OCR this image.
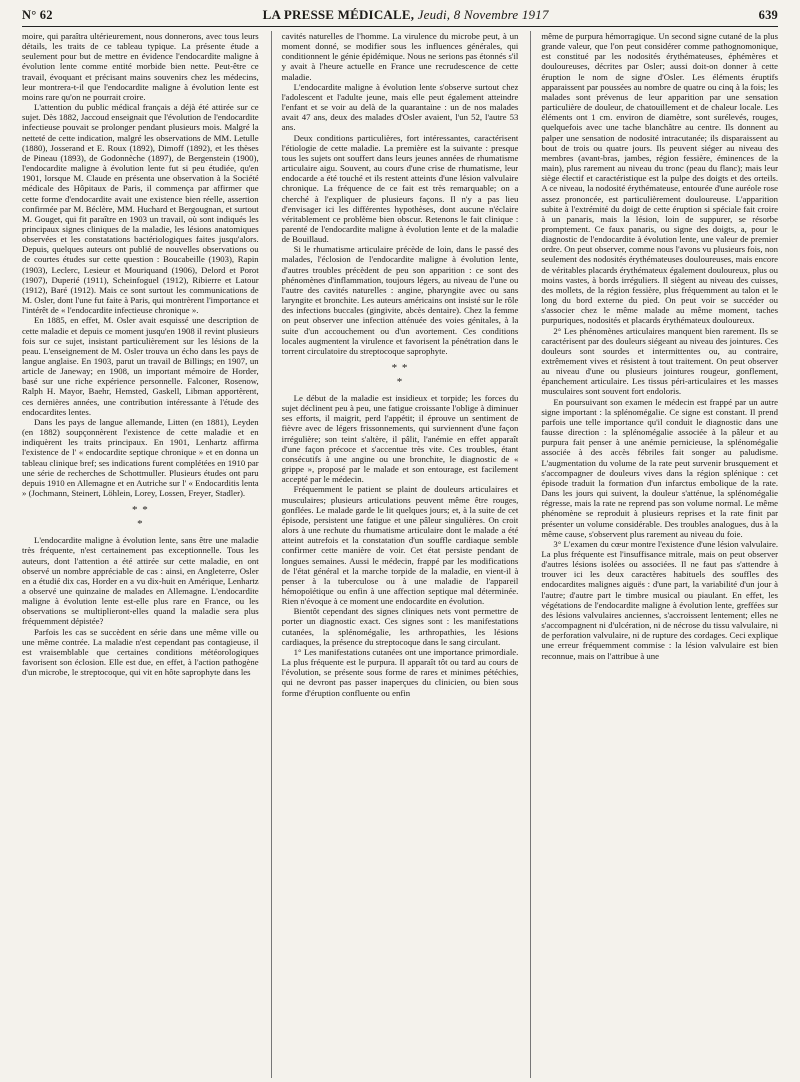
N° 62	LA PRESSE MÉDICALE, Jeudi, 8 Novembre 1917	639

moire, qui paraîtra ultérieurement, nous donnerons, avec tous leurs détails, les traits de ce tableau typique. La présente étude a seulement pour but de mettre en évidence l'endocardite maligne à évolution lente comme entité morbide bien nette. Peut-être ce travail, évoquant et précisant mains souvenirs chez les médecins, leur montrera-t-il que l'endocardite maligne à évolution lente est moins rare qu'on ne pourrait croire.

L'attention du public médical français a déjà été attirée sur ce sujet. Dès 1882, Jaccoud enseignait que l'évolution de l'endocardite infectieuse pouvait se prolonger pendant plusieurs mois. Malgré la netteté de cette indication, malgré les observations de MM. Letulle (1880), Josserand et E. Roux (1892), Dimoff (1892), et les thèses de Pineau (1893), de Godonnèche (1897), de Bergenstein (1900), l'endocardite maligne à évolution lente fut si peu étudiée, qu'en 1901, lorsque M. Claude en présenta une observation à la Société médicale des Hôpitaux de Paris, il commença par affirmer que cette forme d'endocardite avait une existence bien réelle, assertion confirmée par M. Béclère, MM. Huchard et Bergougnan, et surtout M. Gouget, qui fit paraître en 1903 un travail, où sont indiqués les principaux signes cliniques de la maladie, les lésions anatomiques observées et les constatations bactériologiques faites jusqu'alors. Depuis, quelques auteurs ont publié de nouvelles observations ou de courtes études sur cette question : Boucabeille (1903), Rapin (1903), Leclerc, Lesieur et Mouriquand (1906), Delord et Porot (1907), Duperié (1911), Scheinfoguel (1912), Ribierre et Latour (1912), Baré (1912). Mais ce sont surtout les communications de M. Osler, dont l'une fut faite à Paris, qui montrèrent l'importance et l'intérêt de « l'endocardite infectieuse chronique ».

En 1885, en effet, M. Osler avait esquissé une description de cette maladie et depuis ce moment jusqu'en 1908 il revint plusieurs fois sur ce sujet, insistant particulièrement sur les lésions de la peau. L'enseignement de M. Osler trouva un écho dans les pays de langue anglaise. En 1903, parut un travail de Billings; en 1907, un article de Janeway; en 1908, un important mémoire de Horder, basé sur une riche expérience personnelle. Falconer, Rosenow, Ralph H. Mayor, Baehr, Hemsted, Gaskell, Libman apportèrent, ces dernières années, une contribution intéressante à l'étude des endocardites lentes.

Dans les pays de langue allemande, Litten (en 1881), Leyden (en 1882) soupçonnèrent l'existence de cette maladie et en indiquèrent les traits principaux. En 1901, Lenhartz affirma l'existence de l' « endocardite septique chronique » et en donna un tableau clinique bref; ses indications furent complétées en 1910 par une série de recherches de Schottmuller. Plusieurs études ont paru depuis 1910 en Allemagne et en Autriche sur l' « Endocarditis lenta » (Jochmann, Steinert, Löhlein, Lorey, Lossen, Freyer, Stadler).

* *
*

L'endocardite maligne à évolution lente, sans être une maladie très fréquente, n'est certainement pas exceptionnelle. Tous les auteurs, dont l'attention a été attirée sur cette maladie, en ont observé un nombre appréciable de cas : ainsi, en Angleterre, Osler en a étudié dix cas, Horder en a vu dix-huit en Amérique, Lenhartz a observé une quinzaine de malades en Allemagne. L'endocardite maligne à évolution lente est-elle plus rare en France, ou les observations se multiplieront-elles quand la maladie sera plus fréquemment dépistée?

Parfois les cas se succèdent en série dans une même ville ou une même contrée. La maladie n'est cependant pas contagieuse, il est vraisemblable que certaines conditions météorologiques favorisent son éclosion. Elle est due, en effet, à l'action pathogène d'un microbe, le streptocoque, qui vit en hôte saprophyte dans les

cavités naturelles de l'homme. La virulence du microbe peut, à un moment donné, se modifier sous les influences générales, qui conditionnent le génie épidémique. Nous ne serions pas étonnés s'il y avait à l'heure actuelle en France une recrudescence de cette maladie.

L'endocardite maligne à évolution lente s'observe surtout chez l'adolescent et l'adulte jeune, mais elle peut également atteindre l'enfant et se voir au delà de la quarantaine : un de nos malades avait 47 ans, deux des malades d'Osler avaient, l'un 52, l'autre 53 ans.

Deux conditions particulières, fort intéressantes, caractérisent l'étiologie de cette maladie. La première est la suivante : presque tous les sujets ont souffert dans leurs jeunes années de rhumatisme articulaire aigu. Souvent, au cours d'une crise de rhumatisme, leur endocarde a été touché et ils restent atteints d'une lésion valvulaire chronique. La fréquence de ce fait est très remarquable; on a cherché à l'expliquer de plusieurs façons. Il n'y a pas lieu d'envisager ici les différentes hypothèses, dont aucune n'éclaire véritablement ce problème bien obscur. Retenons le fait clinique : parenté de l'endocardite maligne à évolution lente et de la maladie de Bouillaud.

Si le rhumatisme articulaire précède de loin, dans le passé des malades, l'éclosion de l'endocardite maligne à évolution lente, d'autres troubles précèdent de peu son apparition : ce sont des phénomènes d'inflammation, toujours légers, au niveau de l'une ou l'autre des cavités naturelles : angine, pharyngite avec ou sans laryngite et bronchite. Les auteurs américains ont insisté sur le rôle des infections buccales (gingivite, abcès dentaire). Chez la femme on peut observer une infection atténuée des voies génitales, à la suite d'un accouchement ou d'un avortement. Ces conditions locales augmentent la virulence et favorisent la pénétration dans le torrent circulatoire du streptocoque saprophyte.

* *
*

Le début de la maladie est insidieux et torpide; les forces du sujet déclinent peu à peu, une fatigue croissante l'oblige à diminuer ses efforts, il maigrit, perd l'appétit; il éprouve un sentiment de fièvre avec de légers frissonnements, qui surviennent d'une façon irrégulière; son teint s'altère, il pâlit, l'anémie en effet apparaît d'une façon précoce et s'accentue très vite. Ces troubles, étant consécutifs à une angine ou une bronchite, le diagnostic de « grippe », proposé par le malade et son entourage, est facilement accepté par le médecin.

Fréquemment le patient se plaint de douleurs articulaires et musculaires; plusieurs articulations peuvent même être rouges, gonflées. Le malade garde le lit quelques jours; et, à la suite de cet épisode, persistent une fatigue et une pâleur singulières. On croit alors à une rechute du rhumatisme articulaire dont le malade a été atteint autrefois et la constatation d'un souffle cardiaque semble confirmer cette manière de voir. Cet état persiste pendant de longues semaines. Aussi le médecin, frappé par les modifications de l'état général et la marche torpide de la maladie, en vient-il à penser à la tuberculose ou à une maladie de l'appareil hémopoïétique ou enfin à une affection septique mal déterminée. Rien n'évoque à ce moment une endocardite en évolution.

Bientôt cependant des signes cliniques nets vont permettre de porter un diagnostic exact. Ces signes sont : les manifestations cutanées, la splénomégalie, les arthropathies, les lésions cardiaques, la présence du streptocoque dans le sang circulant.

1° Les manifestations cutanées ont une importance primordiale. La plus fréquente est le purpura. Il apparaît tôt ou tard au cours de l'évolution, se présente sous forme de rares et minimes pétéchies, qui ne devront pas passer inaperçues du clinicien, ou bien sous forme d'éruption confluente ou enfin

même de purpura hémorragique. Un second signe cutané de la plus grande valeur, que l'on peut considérer comme pathognomonique, est constitué par les nodosités érythémateuses, éphémères et douloureuses, décrites par Osler; aussi doit-on donner à cette éruption le nom de signe d'Osler. Les éléments éruptifs apparaissent par poussées au nombre de quatre ou cinq à la fois; les malades sont prévenus de leur apparition par une sensation particulière de douleur, de chatouillement et de chaleur locale. Les éléments ont 1 cm. environ de diamètre, sont surélevés, rouges, quelquefois avec une tache blanchâtre au centre. Ils donnent au palper une sensation de nodosité intracutanée; ils disparaissent au bout de trois ou quatre jours. Ils peuvent siéger au niveau des membres (avant-bras, jambes, région fessière, éminences de la main), plus rarement au niveau du tronc (peau du flanc); mais leur siège électif et caractéristique est la pulpe des doigts et des orteils. A ce niveau, la nodosité érythémateuse, entourée d'une auréole rose assez prononcée, est particulièrement douloureuse. L'apparition subite à l'extrémité du doigt de cette éruption si spéciale fait croire à un panaris, mais la lésion, loin de suppurer, se résorbe promptement. Ce faux panaris, ou signe des doigts, a, pour le diagnostic de l'endocardite à évolution lente, une valeur de premier ordre. On peut observer, comme nous l'avons vu plusieurs fois, non seulement des nodosités érythémateuses douloureuses, mais encore de véritables placards érythémateux également douloureux, plus ou moins vastes, à bords irréguliers. Il siègent au niveau des cuisses, des mollets, de la région fessière, plus fréquemment au talon et le long du bord externe du pied. On peut voir se succéder ou s'associer chez le même malade au même moment, taches purpuriques, nodosités et placards érythémateux douloureux.

2° Les phénomènes articulaires manquent bien rarement. Ils se caractérisent par des douleurs siégeant au niveau des jointures. Ces douleurs sont sourdes et intermittentes ou, au contraire, extrêmement vives et résistent à tout traitement. On peut observer au niveau d'une ou plusieurs jointures rougeur, gonflement, épanchement articulaire. Les tissus péri-articulaires et les masses musculaires sont souvent fort endoloris.

En poursuivant son examen le médecin est frappé par un autre signe important : la splénomégalie. Ce signe est constant. Il prend parfois une telle importance qu'il conduit le diagnostic dans une fausse direction : la splénomégalie associée à la pâleur et au purpura fait penser à une anémie pernicieuse, la splénomégalie associée à des accès fébriles fait songer au paludisme. L'augmentation du volume de la rate peut survenir brusquement et s'accompagner de douleurs vives dans la région splénique : cet épisode traduit la formation d'un infarctus embolique de la rate. Dans les jours qui suivent, la douleur s'atténue, la splénomégalie régresse, mais la rate ne reprend pas son volume normal. Le même phénomène se reproduit à plusieurs reprises et la rate finit par présenter un volume considérable. Des troubles analogues, dus à la même cause, s'observent plus rarement au niveau du foie.

3° L'examen du cœur montre l'existence d'une lésion valvulaire. La plus fréquente est l'insuffisance mitrale, mais on peut observer d'autres lésions isolées ou associées. Il ne faut pas s'attendre à trouver ici les deux caractères habituels des souffles des endocardites malignes aiguës : d'une part, la variabilité d'un jour à l'autre; d'autre part le timbre musical ou piaulant. En effet, les végétations de l'endocardite maligne à évolution lente, greffées sur des lésions valvulaires anciennes, s'accroissent lentement; elles ne s'accompagnent ni d'ulcération, ni de nécrose du tissu valvulaire, ni de perforation valvulaire, ni de rupture des cordages. Ceci explique une erreur fréquemment commise : la lésion valvulaire est bien reconnue, mais on l'attribue à une
